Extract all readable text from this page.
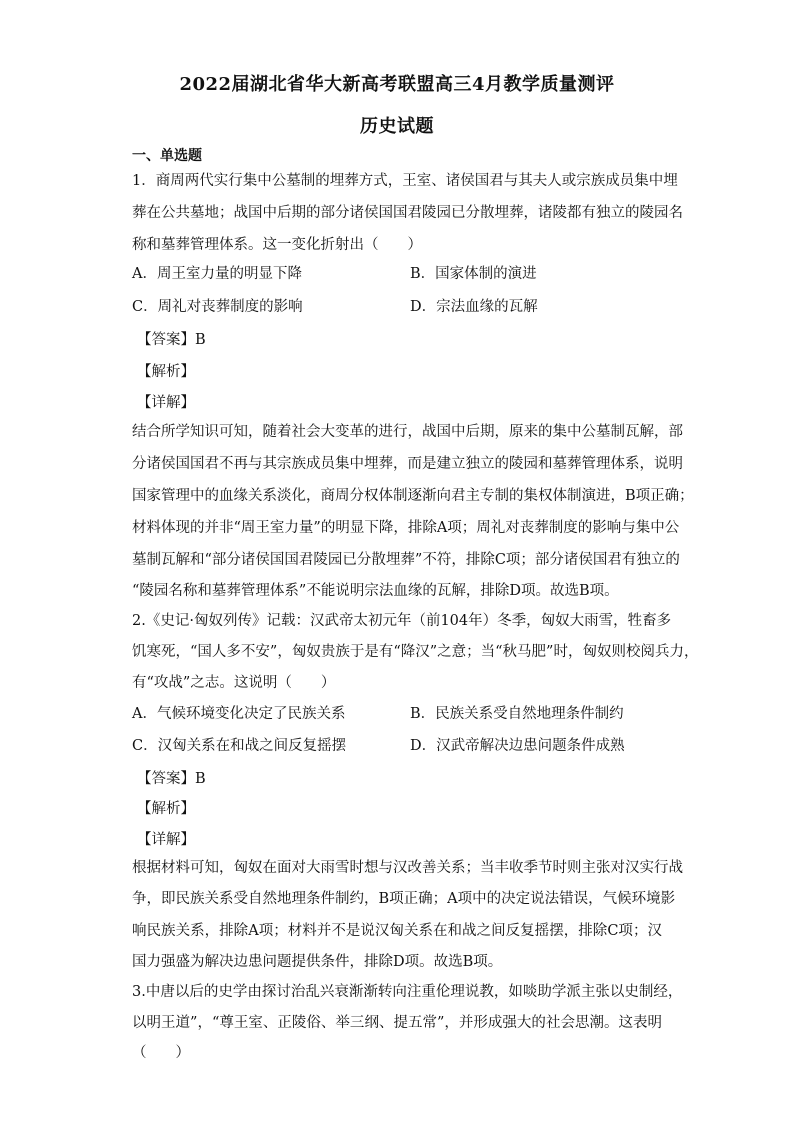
2022届湖北省华大新高考联盟高三4月教学质量测评
历史试题
一、单选题
1．商周两代实行集中公墓制的埋葬方式，王室、诸侯国君与其夫人或宗族成员集中埋
葬在公共墓地；战国中后期的部分诸侯国国君陵园已分散埋葬，诸陵都有独立的陵园名
称和墓葬管理体系。这一变化折射出（　　）
A．周王室力量的明显下降	B．国家体制的演进
C．周礼对丧葬制度的影响	D．宗法血缘的瓦解
【答案】B
【解析】
【详解】
结合所学知识可知，随着社会大变革的进行，战国中后期，原来的集中公墓制瓦解，部
分诸侯国国君不再与其宗族成员集中埋葬，而是建立独立的陵园和墓葬管理体系，说明
国家管理中的血缘关系淡化，商周分权体制逐渐向君主专制的集权体制演进，B项正确；
材料体现的并非“周王室力量”的明显下降，排除A项；周礼对丧葬制度的影响与集中公
墓制瓦解和“部分诸侯国国君陵园已分散埋葬”不符，排除C项；部分诸侯国君有独立的
“陵园名称和墓葬管理体系”不能说明宗法血缘的瓦解，排除D项。故选B项。
2.《史记·匈奴列传》记载：汉武帝太初元年（前104年）冬季，匈奴大雨雪，牲畜多
饥寒死，“国人多不安”，匈奴贵族于是有“降汉”之意；当“秋马肥”时，匈奴则校阅兵力，
有“攻战”之志。这说明（　　）
A．气候环境变化决定了民族关系	B．民族关系受自然地理条件制约
C．汉匈关系在和战之间反复摇摆	D．汉武帝解决边患问题条件成熟
【答案】B
【解析】
【详解】
根据材料可知，匈奴在面对大雨雪时想与汉改善关系；当丰收季节时则主张对汉实行战
争，即民族关系受自然地理条件制约，B项正确；A项中的决定说法错误，气候环境影
响民族关系，排除A项；材料并不是说汉匈关系在和战之间反复摇摆，排除C项；汉
国力强盛为解决边患问题提供条件，排除D项。故选B项。
3.中唐以后的史学由探讨治乱兴衰渐渐转向注重伦理说教，如啖助学派主张以史制经，
以明王道”，“尊王室、正陵俗、举三纲、提五常”，并形成强大的社会思潮。这表明
（　　）
